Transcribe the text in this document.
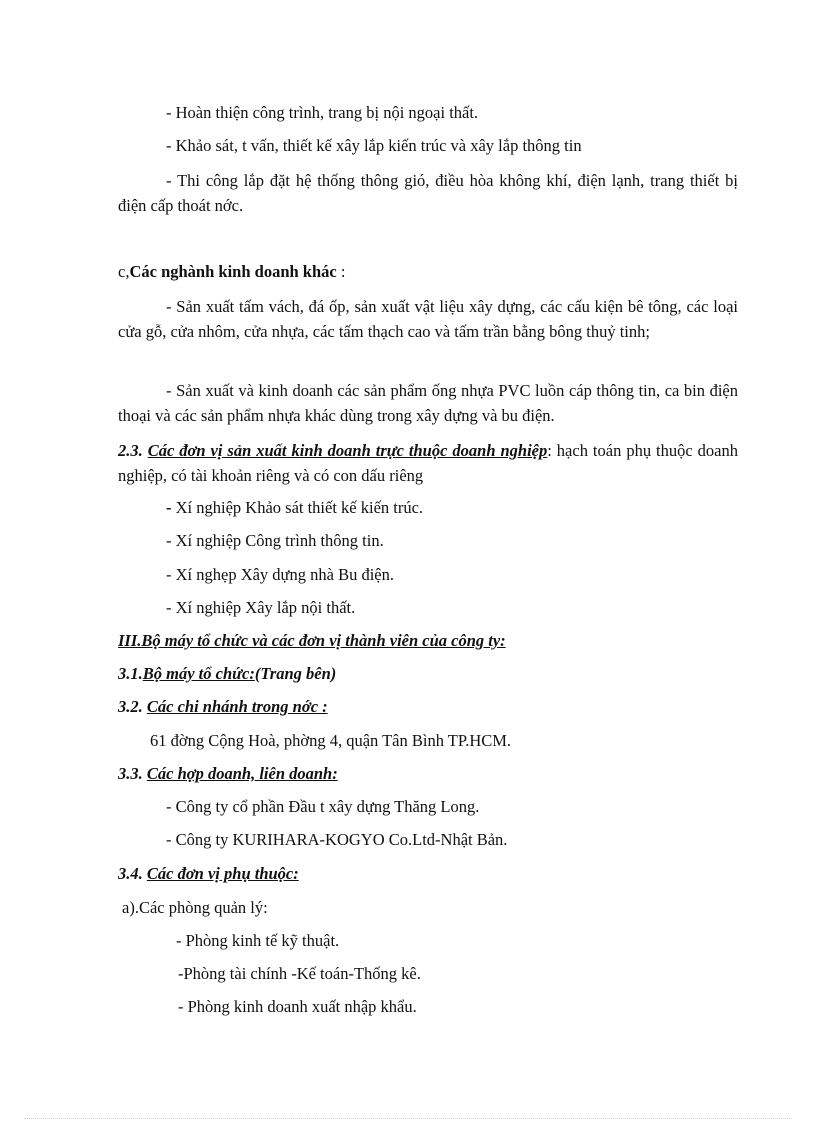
- Hoàn thiện công trình, trang bị nội ngoại thất.
- Khảo sát, t vấn, thiết kế xây lắp kiến trúc và xây lắp thông tin
- Thi công lắp đặt hệ thống thông gió, điều hòa không khí, điện lạnh, trang thiết bị điện cấp thoát nớc.
c,Các nghành kinh doanh khác :
- Sản xuất tấm vách, đá ốp, sản xuất vật liệu xây dựng, các cấu kiện bê tông, các loại cửa gỗ, cửa nhôm, cửa nhựa, các tấm thạch cao và tấm trần bằng bông thuỷ tinh;
- Sản xuất và kinh doanh các sản phẩm ống nhựa PVC luồn cáp thông tin, ca bin điện thoại và các sản phẩm nhựa khác dùng trong xây dựng và bu điện.
2.3. Các đơn vị sản xuất kinh doanh trực thuộc doanh nghiệp: hạch toán phụ thuộc doanh nghiệp, có tài khoản riêng và có con dấu riêng
- Xí nghiệp Khảo sát thiết kế kiến trúc.
- Xí nghiệp Công trình thông tin.
- Xí nghẹp Xây dựng nhà Bu điện.
- Xí nghiệp Xây lắp nội thất.
III.Bộ máy tổ chức và các đơn vị thành viên của công ty:
3.1.Bộ máy tổ chức:(Trang bên)
3.2. Các chi nhánh trong nớc :
61 đờng Cộng Hoà, phờng 4, quận Tân Bình TP.HCM.
3.3. Các hợp doanh, liên doanh:
- Công ty cổ phần Đầu t xây dựng Thăng Long.
- Công ty KURIHARA-KOGYO Co.Ltd-Nhật Bản.
3.4. Các đơn vị phụ thuộc:
a).Các phòng quản lý:
- Phòng kinh tế kỹ thuật.
-Phòng tài chính -Kế toán-Thống kê.
- Phòng kinh doanh xuất nhập khẩu.
